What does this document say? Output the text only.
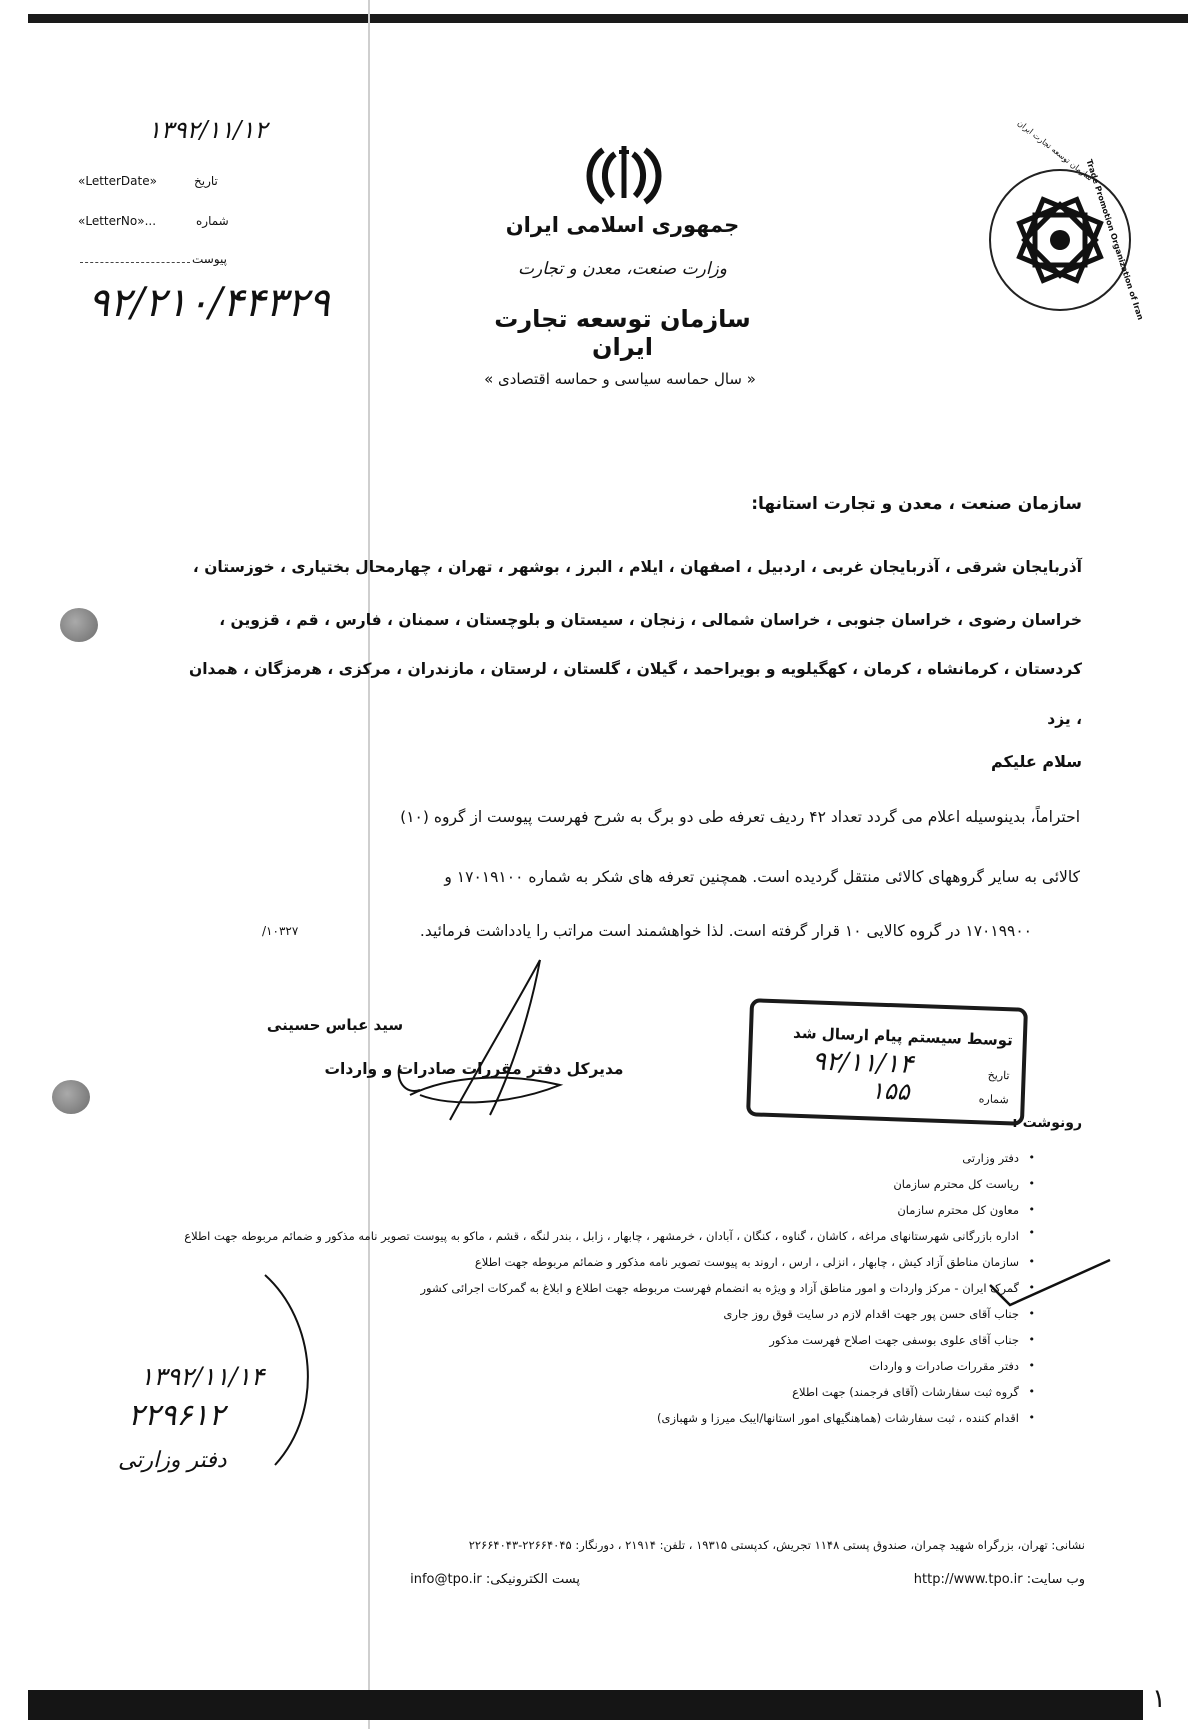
۱۳۹۲/۱۱/۱۲
«LetterDate»	تاریخ
«LetterNo»...	شماره
پیوست
۹۲/۲۱۰/۴۴۳۲۹
جمهوری اسلامی ایران
وزارت صنعت، معدن و تجارت
سازمان توسعه تجارت ایران
« سال حماسه سیاسی و حماسه اقتصادی »
سازمان توسعه تجارت ایران
Trade Promotion Organization of Iran
سازمان صنعت ، معدن و تجارت استانها:
آذربایجان شرقی ، آذربایجان غربی ، اردبیل ، اصفهان ، ایلام ، البرز ، بوشهر ، تهران ، چهارمحال بختیاری ، خوزستان ،
خراسان رضوی ، خراسان جنوبی ، خراسان شمالی ، زنجان ، سیستان و بلوچستان ، سمنان ، فارس ، قم ، قزوین ،
کردستان ، کرمانشاه ، کرمان ، کهگیلویه و بویراحمد ، گیلان ، گلستان ، لرستان ، مازندران ، مرکزی ، هرمزگان ، همدان
، یزد
سلام علیکم
احتراماً، بدینوسیله اعلام می گردد تعداد ۴۲ ردیف تعرفه طی دو برگ به شرح فهرست پیوست از گروه (۱۰)
کالائی به سایر گروههای کالائی منتقل گردیده است. همچنین تعرفه های شکر به شماره ۱۷۰۱۹۱۰۰ و
۱۷۰۱۹۹۰۰ در گروه کالایی ۱۰ قرار گرفته است. لذا خواهشمند است مراتب را یادداشت فرمائید.
۱۰۳۲۷/
سید عباس حسینی
مدیرکل دفتر مقررات صادرات و واردات
توسط سیستم پیام ارسال شد
تاریخ
۹۲/۱۱/۱۴
شماره
۱۵۵
رونوشت :
• دفتر وزارتی
• ریاست کل محترم سازمان
• معاون کل محترم سازمان
• اداره بازرگانی شهرستانهای مراغه ، کاشان ، گناوه ، کنگان ، آبادان ، خرمشهر ، چابهار ، زابل ، بندر لنگه ، قشم ، ماکو به پیوست تصویر نامه مذکور و ضمائم مربوطه جهت اطلاع
• سازمان مناطق آزاد کیش ، چابهار ، انزلی ، ارس ، اروند به پیوست تصویر نامه مذکور و ضمائم مربوطه جهت اطلاع
• گمرک ایران - مرکز واردات و امور مناطق آزاد و ویژه به انضمام فهرست مربوطه جهت اطلاع و ابلاغ به گمرکات اجرائی کشور
• جناب آقای حسن پور جهت اقدام لازم در سایت قوق روز جاری
• جناب آقای علوی بوسفی جهت اصلاح فهرست مذکور
• دفتر مقررات صادرات و واردات
• گروه ثبت سفارشات (آقای فرجمند) جهت اطلاع
• اقدام کننده ، ثبت سفارشات (هماهنگیهای امور استانها/ایبک میرزا و شهبازی)
۱۳۹۲/۱۱/۱۴
۲۲۹۶۱۲
دفتر وزارتی
نشانی: تهران، بزرگراه شهید چمران، صندوق پستی ۱۱۴۸ تجریش، کدپستی ۱۹۳۱۵ ، تلفن: ۲۱۹۱۴ ، دورنگار: ۲۲۶۶۴۰۴۵-۲۲۶۶۴۰۴۳
وب سایت: http://www.tpo.ir
پست الکترونیکی: info@tpo.ir
۱
